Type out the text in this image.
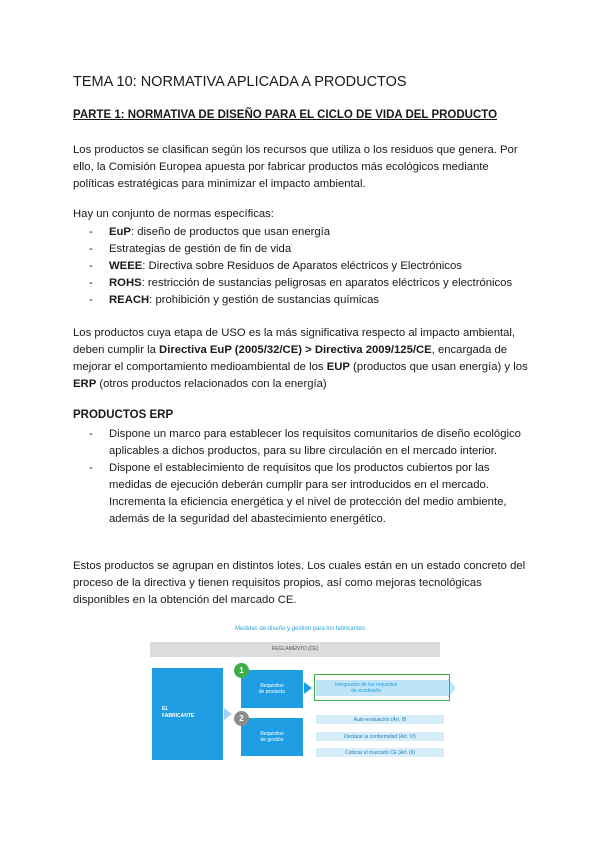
TEMA 10: NORMATIVA APLICADA A PRODUCTOS
PARTE 1: NORMATIVA DE DISEÑO PARA EL CICLO DE VIDA DEL PRODUCTO
Los productos se clasifican según los recursos que utiliza o los residuos que genera. Por ello, la Comisión Europea apuesta por fabricar productos más ecológicos mediante políticas estratégicas para minimizar el impacto ambiental.
Hay un conjunto de normas específicas:
- EuP: diseño de productos que usan energía
- Estrategias de gestión de fin de vida
- WEEE: Directiva sobre Residuos de Aparatos eléctricos y Electrónicos
- ROHS: restricción de sustancias peligrosas en aparatos eléctricos y electrónicos
- REACH: prohibición y gestión de sustancias químicas
Los productos cuya etapa de USO es la más significativa respecto al impacto ambiental, deben cumplir la Directiva EuP (2005/32/CE) > Directiva 2009/125/CE, encargada de mejorar el comportamiento medioambiental de los EUP (productos que usan energía) y los ERP (otros productos relacionados con la energía)
PRODUCTOS ERP
- Dispone un marco para establecer los requisitos comunitarios de diseño ecológico aplicables a dichos productos, para su libre circulación en el mercado interior.
- Dispone el establecimiento de requisitos que los productos cubiertos por las medidas de ejecución deberán cumplir para ser introducidos en el mercado. Incrementa la eficiencia energética y el nivel de protección del medio ambiente, además de la seguridad del abastecimiento energético.
Estos productos se agrupan en distintos lotes. Los cuales están en un estado concreto del proceso de la directiva y tienen requisitos propios, así como mejoras tecnológicas disponibles en la obtención del marcado CE.
Medidas de diseño y gestión para los fabricantes
REGLAMENTO (CE)
EL
FABRICANTE
Requisitos
de producto
Requisitos
de gestión
1
2
Integración de los requisitos
de ecodiseño
Auto-evaluación (Art. 8)
Declarar la conformidad (Art. VI)
Colocar el marcado CE (Art. III)
